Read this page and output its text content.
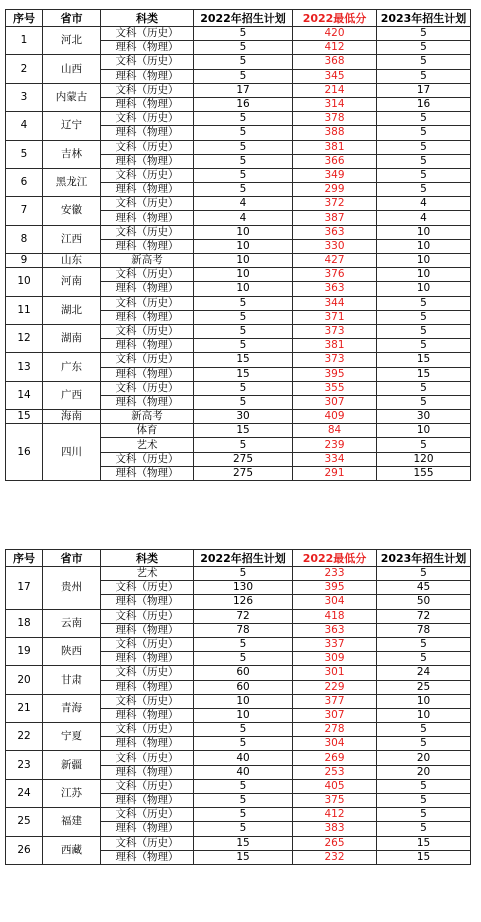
序号	省市	科类	2022年招生计划	2022最低分	2023年招生计划
1	河北	文科（历史）	5	420	5
		理科（物理）	5	412	5
2	山西	文科（历史）	5	368	5
		理科（物理）	5	345	5
3	内蒙古	文科（历史）	17	214	17
		理科（物理）	16	314	16
4	辽宁	文科（历史）	5	378	5
		理科（物理）	5	388	5
5	吉林	文科（历史）	5	381	5
		理科（物理）	5	366	5
6	黑龙江	文科（历史）	5	349	5
		理科（物理）	5	299	5
7	安徽	文科（历史）	4	372	4
		理科（物理）	4	387	4
8	江西	文科（历史）	10	363	10
		理科（物理）	10	330	10
9	山东	新高考	10	427	10
10	河南	文科（历史）	10	376	10
		理科（物理）	10	363	10
11	湖北	文科（历史）	5	344	5
		理科（物理）	5	371	5
12	湖南	文科（历史）	5	373	5
		理科（物理）	5	381	5
13	广东	文科（历史）	15	373	15
		理科（物理）	15	395	15
14	广西	文科（历史）	5	355	5
		理科（物理）	5	307	5
15	海南	新高考	30	409	30
16	四川	体育	15	84	10
		艺术	5	239	5
		文科（历史）	275	334	120
		理科（物理）	275	291	155
序号	省市	科类	2022年招生计划	2022最低分	2023年招生计划
17	贵州	艺术	5	233	5
		文科（历史）	130	395	45
		理科（物理）	126	304	50
18	云南	文科（历史）	72	418	72
		理科（物理）	78	363	78
19	陕西	文科（历史）	5	337	5
		理科（物理）	5	309	5
20	甘肃	文科（历史）	60	301	24
		理科（物理）	60	229	25
21	青海	文科（历史）	10	377	10
		理科（物理）	10	307	10
22	宁夏	文科（历史）	5	278	5
		理科（物理）	5	304	5
23	新疆	文科（历史）	40	269	20
		理科（物理）	40	253	20
24	江苏	文科（历史）	5	405	5
		理科（物理）	5	375	5
25	福建	文科（历史）	5	412	5
		理科（物理）	5	383	5
26	西藏	文科（历史）	15	265	15
		理科（物理）	15	232	15
